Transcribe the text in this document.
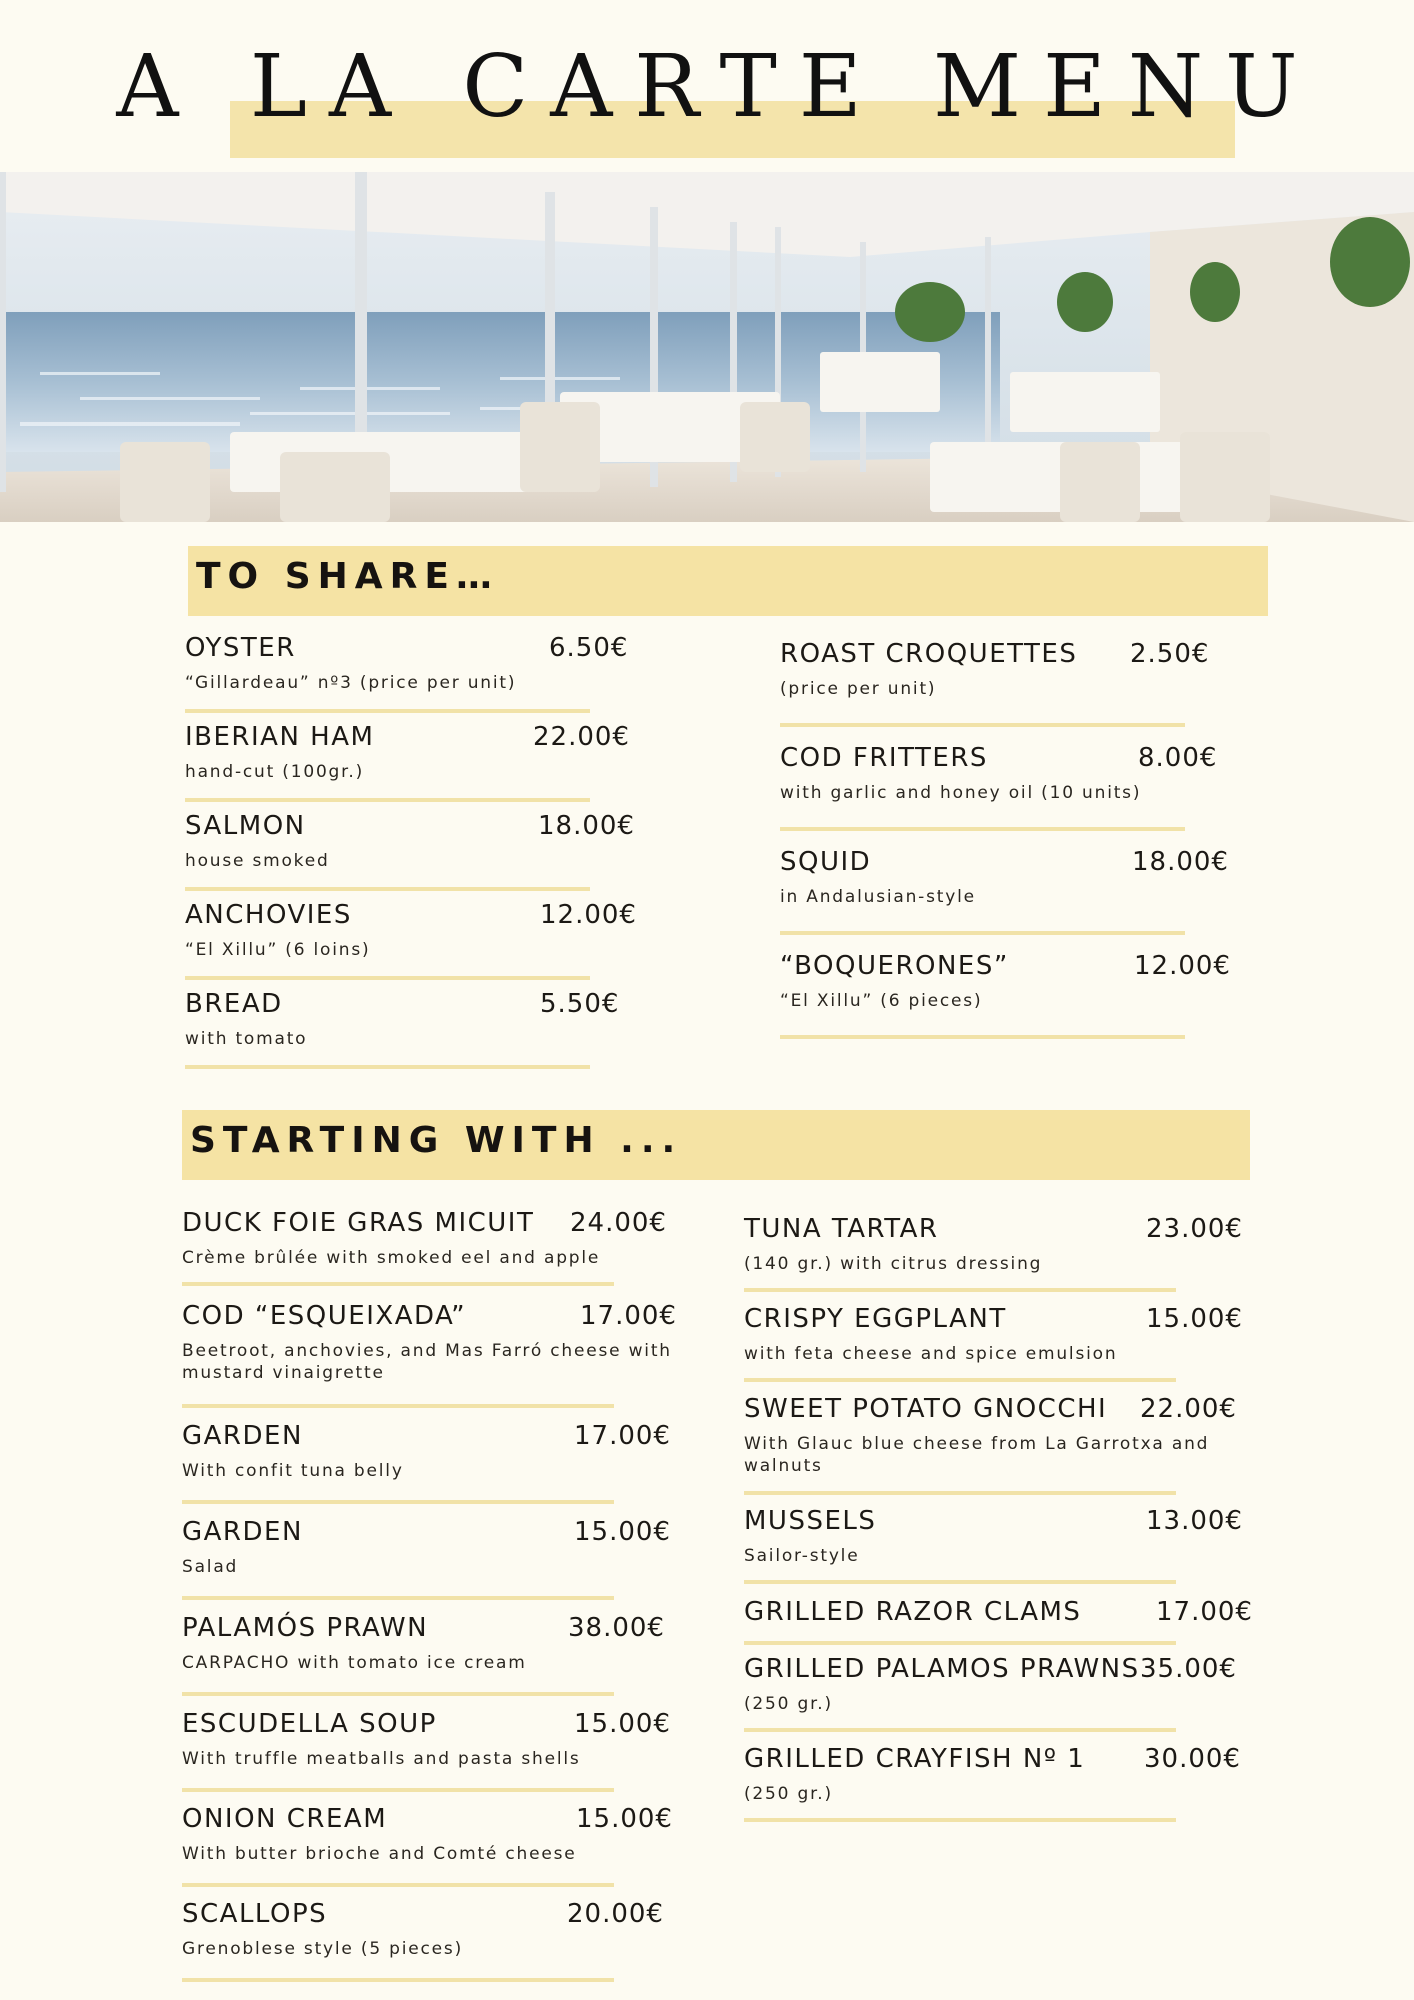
A LA CARTE MENU
TO SHARE…
OYSTER	6.50€
“Gillardeau” nº3 (price per unit)
IBERIAN HAM	22.00€
hand-cut (100gr.)
SALMON	18.00€
house smoked
ANCHOVIES	12.00€
“El Xillu” (6 loins)
BREAD	5.50€
with tomato
ROAST CROQUETTES 2.50€
(price per unit)
COD FRITTERS	8.00€
with garlic and honey oil (10 units)
SQUID	18.00€
in Andalusian-style
“BOQUERONES”	12.00€
“El Xillu” (6 pieces)
STARTING WITH ...
DUCK FOIE GRAS MICUIT 24.00€
Crème brûlée with smoked eel and apple
COD “ESQUEIXADA”	17.00€
Beetroot, anchovies, and Mas Farró cheese with mustard vinaigrette
GARDEN	17.00€
With confit tuna belly
GARDEN	15.00€
Salad
PALAMÓS PRAWN	38.00€
CARPACHO with tomato ice cream
ESCUDELLA SOUP	15.00€
With truffle meatballs and pasta shells
ONION CREAM	15.00€
With butter brioche and Comté cheese
SCALLOPS	20.00€
Grenoblese style (5 pieces)
TUNA TARTAR	23.00€
(140 gr.) with citrus dressing
CRISPY EGGPLANT	15.00€
with feta cheese and spice emulsion
SWEET POTATO GNOCCHI 22.00€
With Glauc blue cheese from La Garrotxa and walnuts
MUSSELS	13.00€
Sailor-style
GRILLED RAZOR CLAMS	17.00€
GRILLED PALAMOS PRAWNS 35.00€
(250 gr.)
GRILLED CRAYFISH Nº 1 30.00€
(250 gr.)
